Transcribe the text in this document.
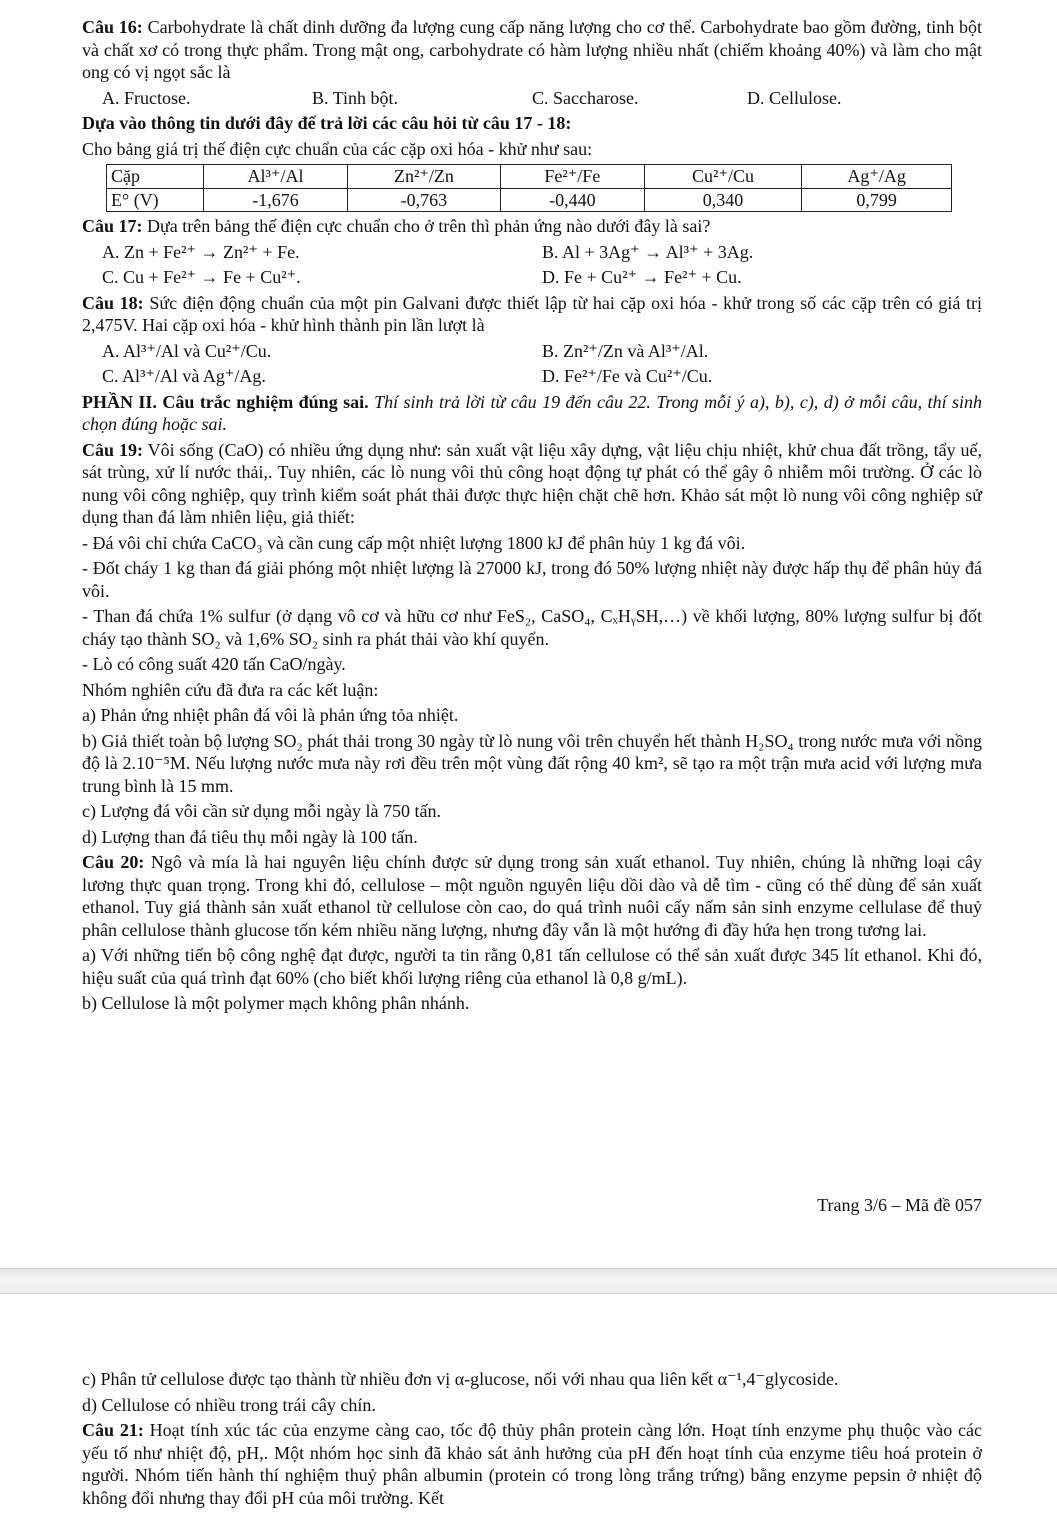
Câu 16: Carbohydrate là chất dinh dưỡng đa lượng cung cấp năng lượng cho cơ thể. Carbohydrate bao gồm đường, tinh bột và chất xơ có trong thực phẩm. Trong mật ong, carbohydrate có hàm lượng nhiều nhất (chiếm khoảng 40%) và làm cho mật ong có vị ngọt sắc là

A. Fructose.	B. Tinh bột.	C. Saccharose.	D. Cellulose.

Dựa vào thông tin dưới đây để trả lời các câu hỏi từ câu 17 - 18:

Cho bảng giá trị thế điện cực chuẩn của các cặp oxi hóa - khử như sau:

Cặp	Al³⁺/Al	Zn²⁺/Zn	Fe²⁺/Fe	Cu²⁺/Cu	Ag⁺/Ag
E° (V)	-1,676	-0,763	-0,440	0,340	0,799

Câu 17: Dựa trên bảng thế điện cực chuẩn cho ở trên thì phản ứng nào dưới đây là sai?

A. Zn + Fe²⁺ → Zn²⁺ + Fe.	B. Al + 3Ag⁺ → Al³⁺ + 3Ag.
C. Cu + Fe²⁺ → Fe + Cu²⁺.	D. Fe + Cu²⁺ → Fe²⁺ + Cu.

Câu 18: Sức điện động chuẩn của một pin Galvani được thiết lập từ hai cặp oxi hóa - khử trong số các cặp trên có giá trị 2,475V. Hai cặp oxi hóa - khử hình thành pin lần lượt là

A. Al³⁺/Al và Cu²⁺/Cu.	B. Zn²⁺/Zn và Al³⁺/Al.
C. Al³⁺/Al và Ag⁺/Ag.	D. Fe²⁺/Fe và Cu²⁺/Cu.

PHẦN II. Câu trắc nghiệm đúng sai. Thí sinh trả lời từ câu 19 đến câu 22. Trong mỗi ý a), b), c), d) ở mỗi câu, thí sinh chọn đúng hoặc sai.

Câu 19: Vôi sống (CaO) có nhiều ứng dụng như: sản xuất vật liệu xây dựng, vật liệu chịu nhiệt, khử chua đất trồng, tẩy uế, sát trùng, xử lí nước thải,. Tuy nhiên, các lò nung vôi thủ công hoạt động tự phát có thể gây ô nhiễm môi trường. Ở các lò nung vôi công nghiệp, quy trình kiểm soát phát thải được thực hiện chặt chẽ hơn. Khảo sát một lò nung vôi công nghiệp sử dụng than đá làm nhiên liệu, giả thiết:

- Đá vôi chỉ chứa CaCO₃ và cần cung cấp một nhiệt lượng 1800 kJ để phân hủy 1 kg đá vôi.

- Đốt cháy 1 kg than đá giải phóng một nhiệt lượng là 27000 kJ, trong đó 50% lượng nhiệt này được hấp thụ để phân hủy đá vôi.

- Than đá chứa 1% sulfur (ở dạng vô cơ và hữu cơ như FeS₂, CaSO₄, CₓHᵧSH,…) về khối lượng, 80% lượng sulfur bị đốt cháy tạo thành SO₂ và 1,6% SO₂ sinh ra phát thải vào khí quyển.

- Lò có công suất 420 tấn CaO/ngày.

Nhóm nghiên cứu đã đưa ra các kết luận:

a) Phản ứng nhiệt phân đá vôi là phản ứng tỏa nhiệt.

b) Giả thiết toàn bộ lượng SO₂ phát thải trong 30 ngày từ lò nung vôi trên chuyển hết thành H₂SO₄ trong nước mưa với nồng độ là 2.10⁻⁵M. Nếu lượng nước mưa này rơi đều trên một vùng đất rộng 40 km², sẽ tạo ra một trận mưa acid với lượng mưa trung bình là 15 mm.

c) Lượng đá vôi cần sử dụng mỗi ngày là 750 tấn.

d) Lượng than đá tiêu thụ mỗi ngày là 100 tấn.

Câu 20: Ngô và mía là hai nguyên liệu chính được sử dụng trong sản xuất ethanol. Tuy nhiên, chúng là những loại cây lương thực quan trọng. Trong khi đó, cellulose – một nguồn nguyên liệu dồi dào và dễ tìm - cũng có thể dùng để sản xuất ethanol. Tuy giá thành sản xuất ethanol từ cellulose còn cao, do quá trình nuôi cấy nấm sản sinh enzyme cellulase để thuỷ phân cellulose thành glucose tốn kém nhiều năng lượng, nhưng đây vẫn là một hướng đi đầy hứa hẹn trong tương lai.

a) Với những tiến bộ công nghệ đạt được, người ta tin rằng 0,81 tấn cellulose có thể sản xuất được 345 lít ethanol. Khi đó, hiệu suất của quá trình đạt 60% (cho biết khối lượng riêng của ethanol là 0,8 g/mL).

b) Cellulose là một polymer mạch không phân nhánh.

Trang 3/6 – Mã đề 057

c) Phân tử cellulose được tạo thành từ nhiều đơn vị α-glucose, nối với nhau qua liên kết α⁻¹,4⁻glycoside.

d) Cellulose có nhiều trong trái cây chín.

Câu 21: Hoạt tính xúc tác của enzyme càng cao, tốc độ thủy phân protein càng lớn. Hoạt tính enzyme phụ thuộc vào các yếu tố như nhiệt độ, pH,. Một nhóm học sinh đã khảo sát ảnh hưởng của pH đến hoạt tính của enzyme tiêu hoá protein ở người. Nhóm tiến hành thí nghiệm thuỷ phân albumin (protein có trong lòng trắng trứng) bằng enzyme pepsin ở nhiệt độ không đổi nhưng thay đổi pH của môi trường. Kết
